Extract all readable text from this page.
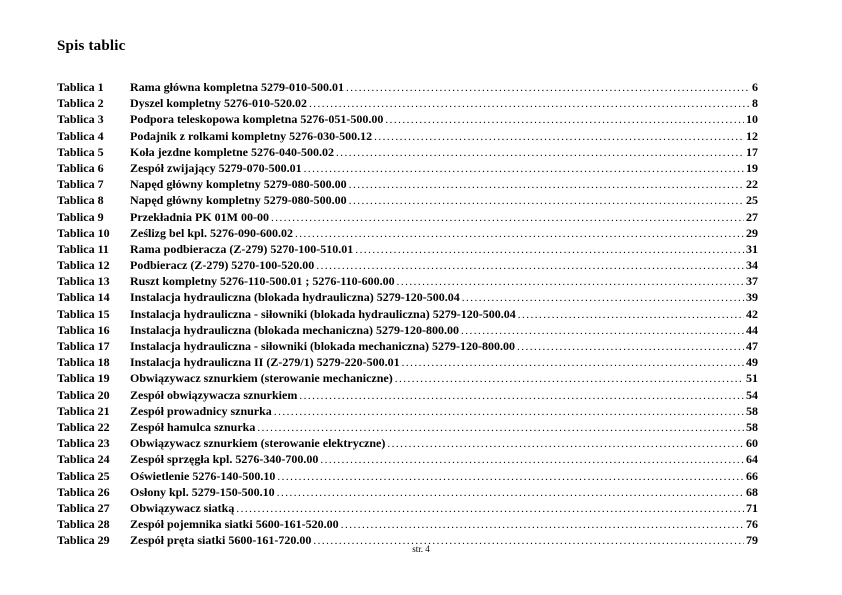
Spis tablic
Tablica 1	Rama główna kompletna 5279-010-500.01 .....	6
Tablica 2	Dyszel kompletny 5276-010-520.02 .....	8
Tablica 3	Podpora teleskopowa kompletna 5276-051-500.00 .....	10
Tablica 4	Podajnik z rolkami kompletny 5276-030-500.12 .....	12
Tablica 5	Koła jezdne kompletne 5276-040-500.02 .....	17
Tablica 6	Zespół zwijający 5279-070-500.01 .....	19
Tablica 7	Napęd główny kompletny 5279-080-500.00 .....	22
Tablica 8	Napęd główny kompletny 5279-080-500.00 .....	25
Tablica 9	Przekładnia PK 01M 00-00 .....	27
Tablica 10	Ześlizg bel kpl. 5276-090-600.02 .....	29
Tablica 11	Rama podbieracza (Z-279) 5270-100-510.01 .....	31
Tablica 12	Podbieracz (Z-279) 5270-100-520.00 .....	34
Tablica 13	Ruszt kompletny 5276-110-500.01 ; 5276-110-600.00 .....	37
Tablica 14	Instalacja hydrauliczna (blokada hydrauliczna) 5279-120-500.04 .....	39
Tablica 15	Instalacja hydrauliczna - siłowniki (blokada hydrauliczna) 5279-120-500.04 .....	42
Tablica 16	Instalacja hydrauliczna (blokada mechaniczna) 5279-120-800.00 .....	44
Tablica 17	Instalacja hydrauliczna - siłowniki (blokada mechaniczna) 5279-120-800.00 .....	47
Tablica 18	Instalacja hydrauliczna II (Z-279/1) 5279-220-500.01 .....	49
Tablica 19	Obwiązywacz sznurkiem (sterowanie mechaniczne) .....	51
Tablica 20	Zespół obwiązywacza sznurkiem .....	54
Tablica 21	Zespół prowadnicy sznurka .....	58
Tablica 22	Zespół hamulca sznurka .....	58
Tablica 23	Obwiązywacz sznurkiem (sterowanie elektryczne) .....	60
Tablica 24	Zespół sprzęgła kpl. 5276-340-700.00 .....	64
Tablica 25	Oświetlenie 5276-140-500.10 .....	66
Tablica 26	Osłony kpl. 5279-150-500.10 .....	68
Tablica 27	Obwiązywacz siatką .....	71
Tablica 28	Zespół pojemnika siatki 5600-161-520.00 .....	76
Tablica 29	Zespół pręta siatki 5600-161-720.00 .....	79
str. 4
